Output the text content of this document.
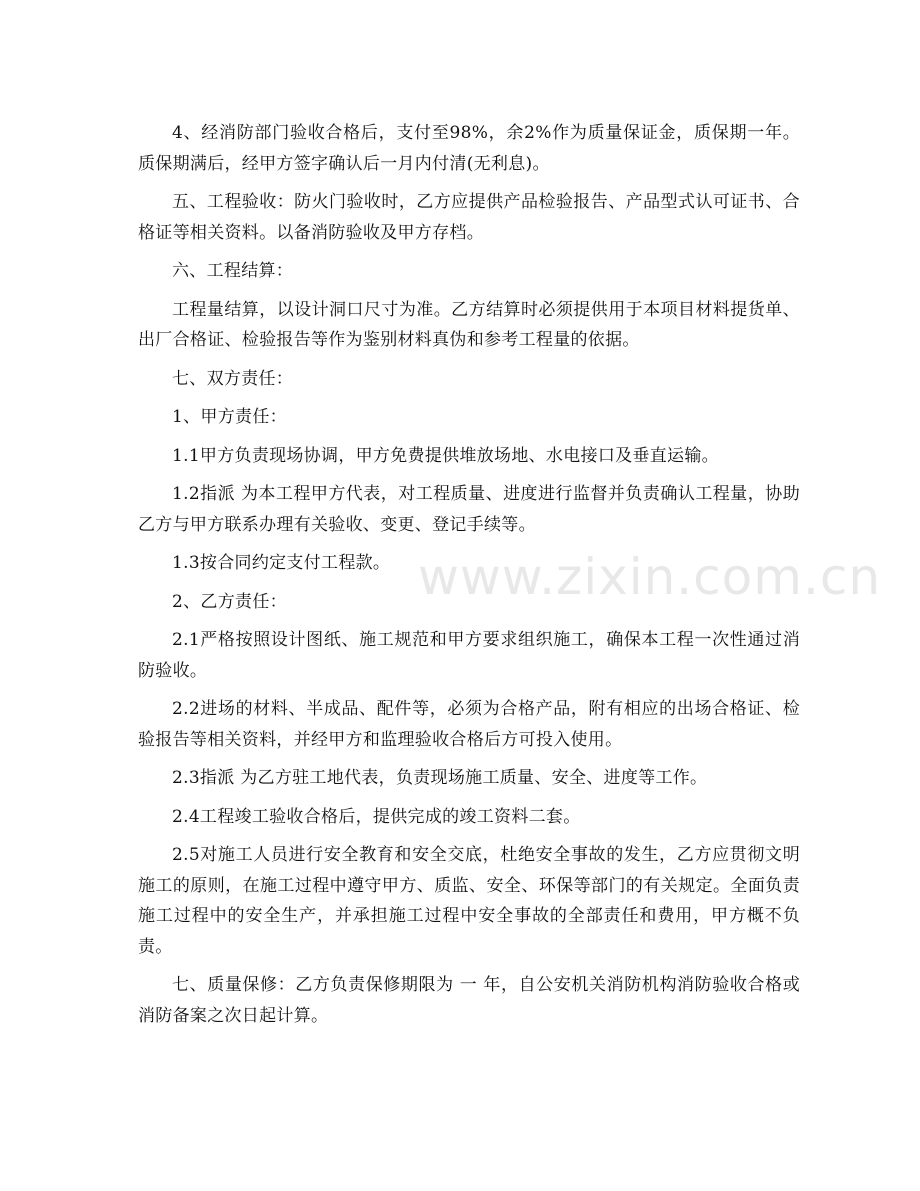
4、经消防部门验收合格后，支付至98%，余2%作为质量保证金，质保期一年。质保期满后，经甲方签字确认后一月内付清(无利息)。

五、工程验收：防火门验收时，乙方应提供产品检验报告、产品型式认可证书、合格证等相关资料。以备消防验收及甲方存档。

六、工程结算：

工程量结算，以设计洞口尺寸为准。乙方结算时必须提供用于本项目材料提货单、出厂合格证、检验报告等作为鉴别材料真伪和参考工程量的依据。

七、双方责任：

1、甲方责任：

1.1甲方负责现场协调，甲方免费提供堆放场地、水电接口及垂直运输。

1.2指派 为本工程甲方代表，对工程质量、进度进行监督并负责确认工程量，协助乙方与甲方联系办理有关验收、变更、登记手续等。

1.3按合同约定支付工程款。

2、乙方责任：

2.1严格按照设计图纸、施工规范和甲方要求组织施工，确保本工程一次性通过消防验收。

2.2进场的材料、半成品、配件等，必须为合格产品，附有相应的出场合格证、检验报告等相关资料，并经甲方和监理验收合格后方可投入使用。

2.3指派 为乙方驻工地代表，负责现场施工质量、安全、进度等工作。

2.4工程竣工验收合格后，提供完成的竣工资料二套。

2.5对施工人员进行安全教育和安全交底，杜绝安全事故的发生，乙方应贯彻文明施工的原则，在施工过程中遵守甲方、质监、安全、环保等部门的有关规定。全面负责施工过程中的安全生产，并承担施工过程中安全事故的全部责任和费用，甲方概不负责。

七、质量保修：乙方负责保修期限为 一 年，自公安机关消防机构消防验收合格或消防备案之次日起计算。

www.zixin.com.cn
